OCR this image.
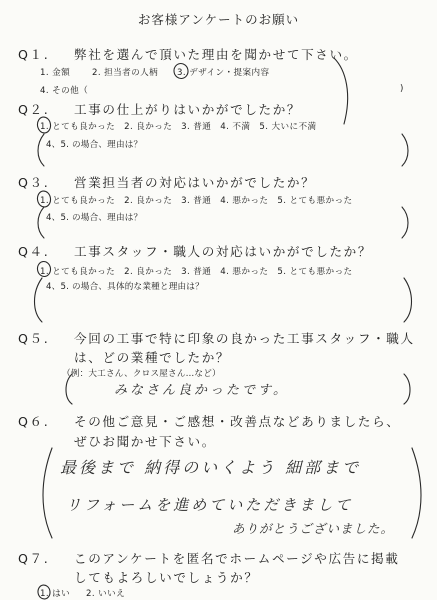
お客様アンケートのお願い
Q１. 弊社を選んで頂いた理由を聞かせて下さい。
1. 金額	2. 担当者の人柄 3. デザイン・提案内容
4. その他（	)
Q２. 工事の仕上がりはいかがでしたか？
1. とても良かった　2. 良かった　3. 普通　4. 不満　5. 大いに不満
4、5. の場合、理由は？
Q３. 営業担当者の対応はいかがでしたか？
1. とても良かった　2. 良かった　3. 普通　4. 悪かった　5. とても悪かった
4、5. の場合、理由は？
Q４. 工事スタッフ・職人の対応はいかがでしたか？
1. とても良かった　2. 良かった　3. 普通　4. 悪かった　5. とても悪かった
4、5. の場合、具体的な業種と理由は？
Q５. 今回の工事で特に印象の良かった工事スタッフ・職人
は、どの業種でしたか？
（例：大工さん、クロス屋さん…など）
みなさん良かったです。
Q６. その他ご意見・ご感想・改善点などありましたら、
ぜひお聞かせ下さい。
最後まで 納得のいくよう 細部まで
リフォームを進めていただきまして
ありがとうございました。
Q７. このアンケートを匿名でホームページや広告に掲載
してもよろしいでしょうか？
1. はい 2. いいえ
